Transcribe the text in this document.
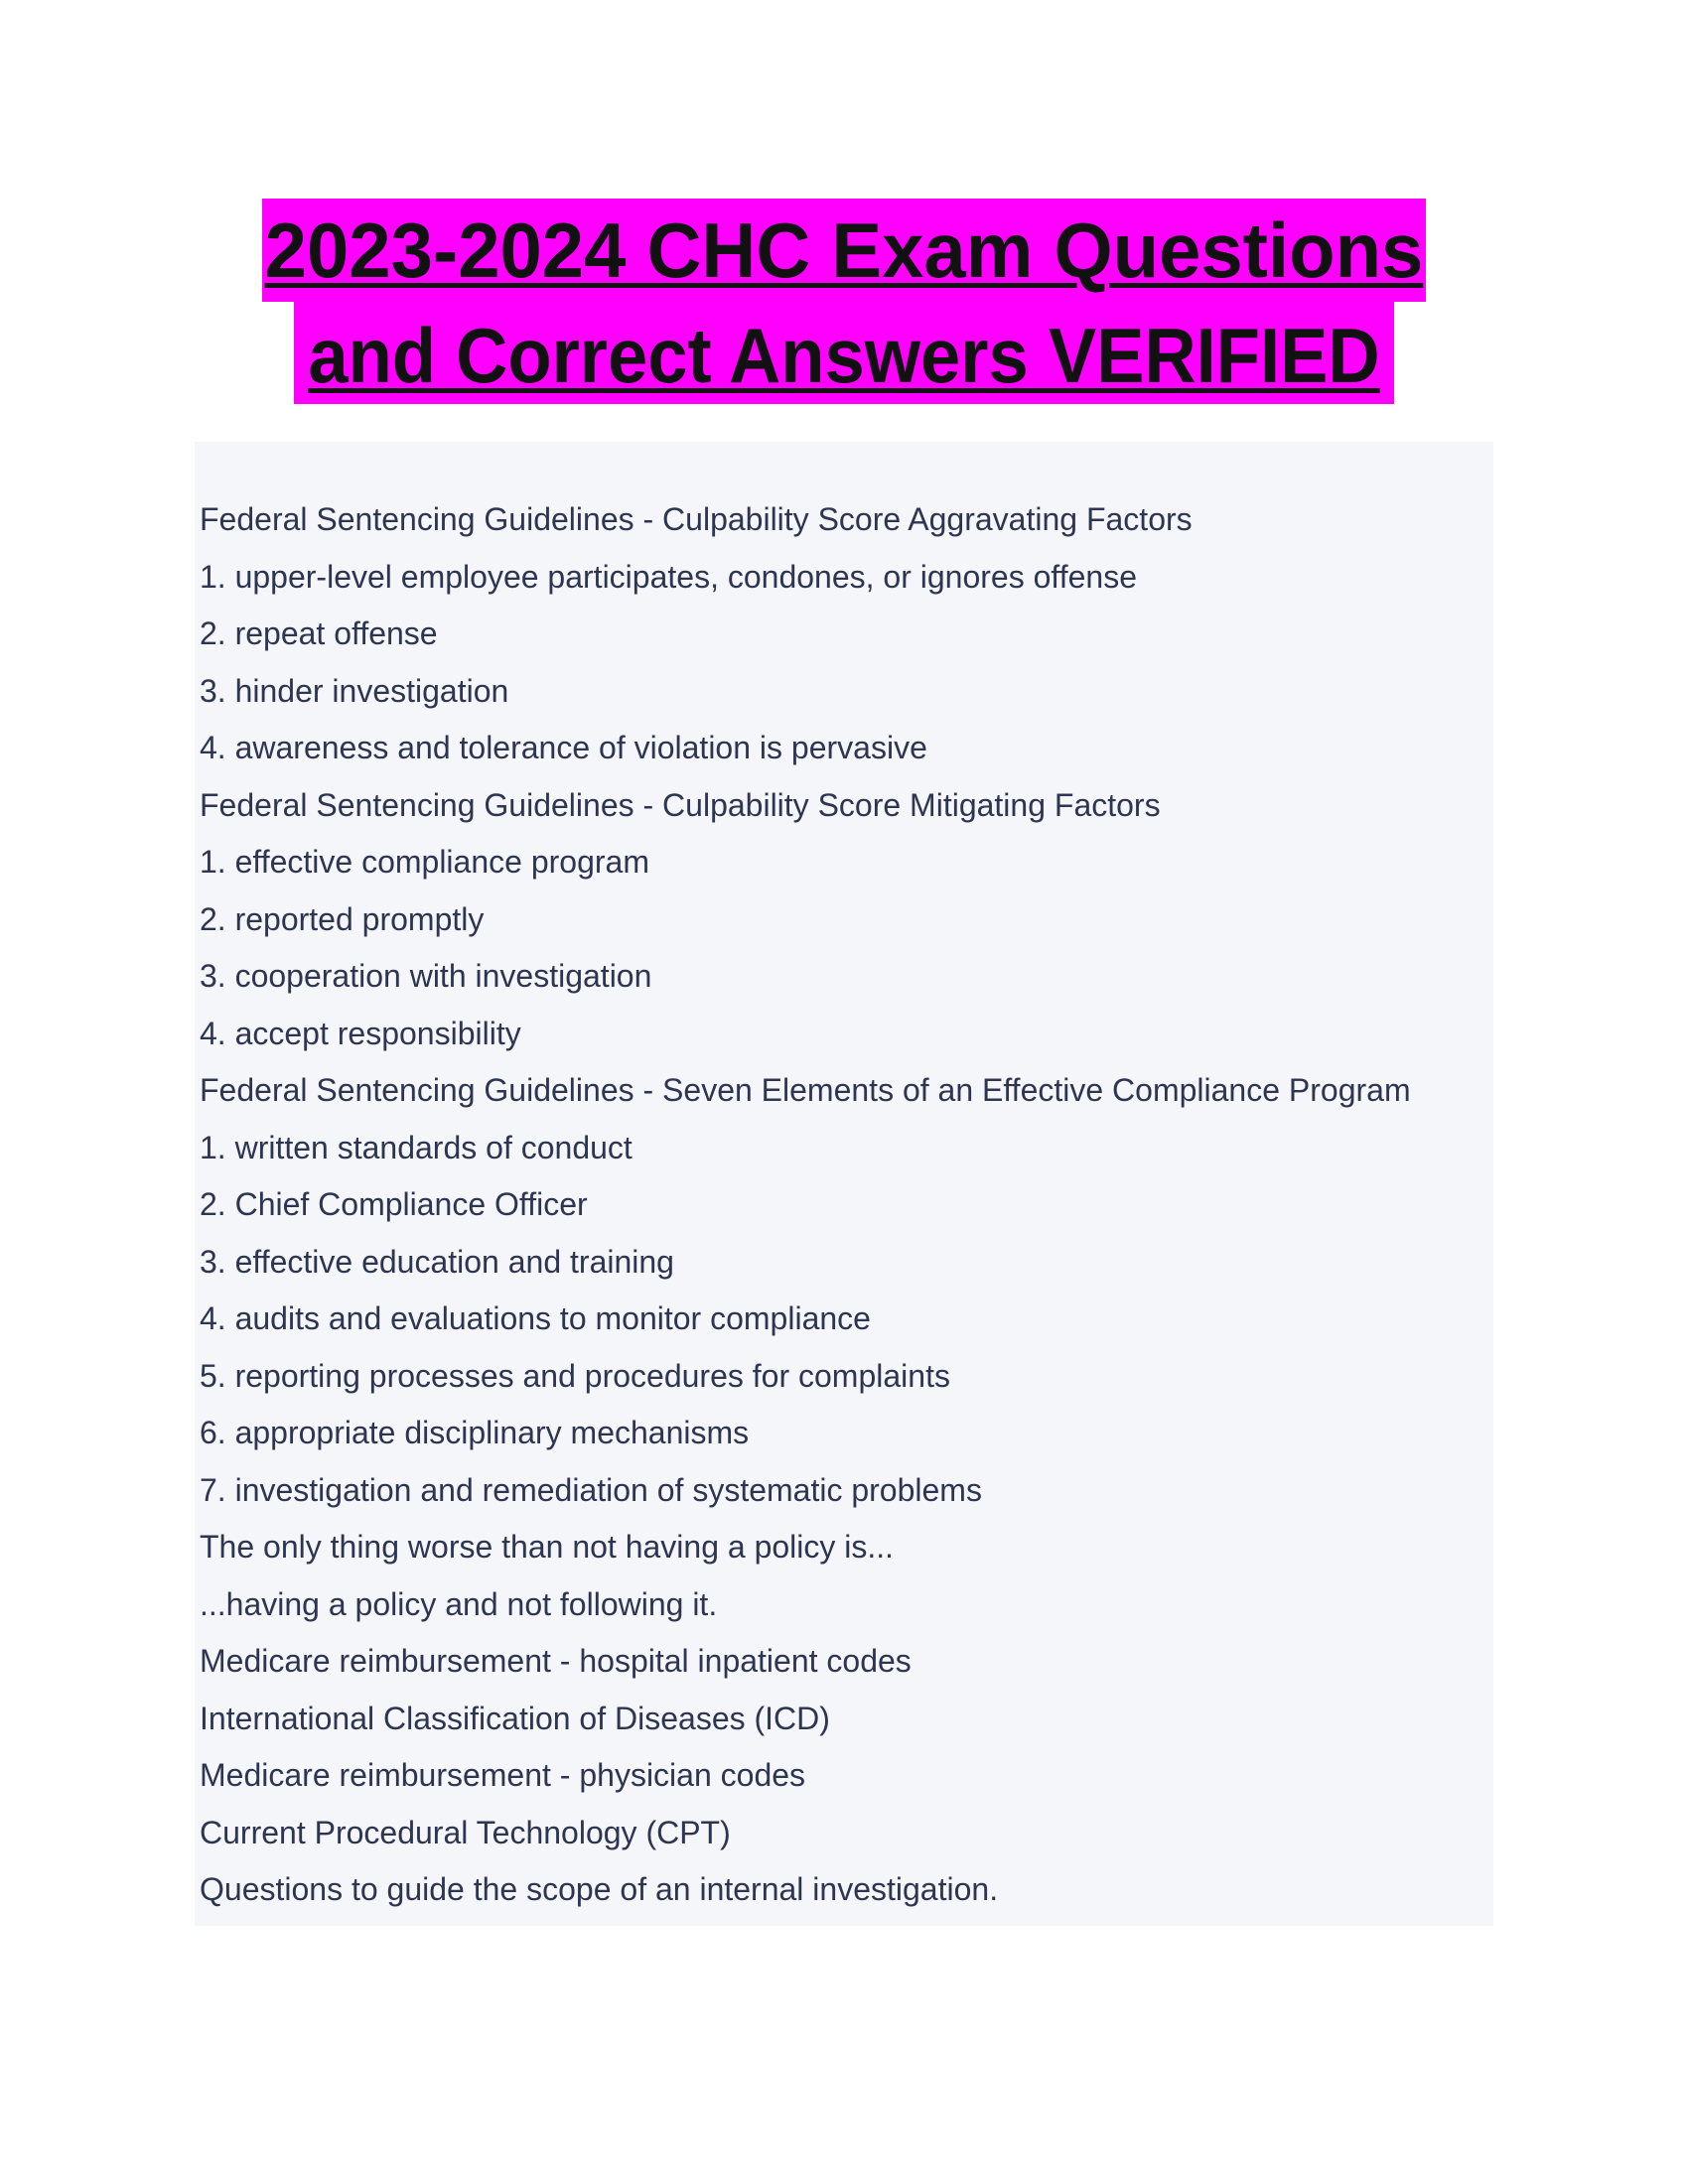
2023-2024 CHC Exam Questions
and Correct Answers VERIFIED
Federal Sentencing Guidelines - Culpability Score Aggravating Factors
1. upper-level employee participates, condones, or ignores offense
2. repeat offense
3. hinder investigation
4. awareness and tolerance of violation is pervasive
Federal Sentencing Guidelines - Culpability Score Mitigating Factors
1. effective compliance program
2. reported promptly
3. cooperation with investigation
4. accept responsibility
Federal Sentencing Guidelines - Seven Elements of an Effective Compliance Program
1. written standards of conduct
2. Chief Compliance Officer
3. effective education and training
4. audits and evaluations to monitor compliance
5. reporting processes and procedures for complaints
6. appropriate disciplinary mechanisms
7. investigation and remediation of systematic problems
The only thing worse than not having a policy is...
...having a policy and not following it.
Medicare reimbursement - hospital inpatient codes
International Classification of Diseases (ICD)
Medicare reimbursement - physician codes
Current Procedural Technology (CPT)
Questions to guide the scope of an internal investigation.
